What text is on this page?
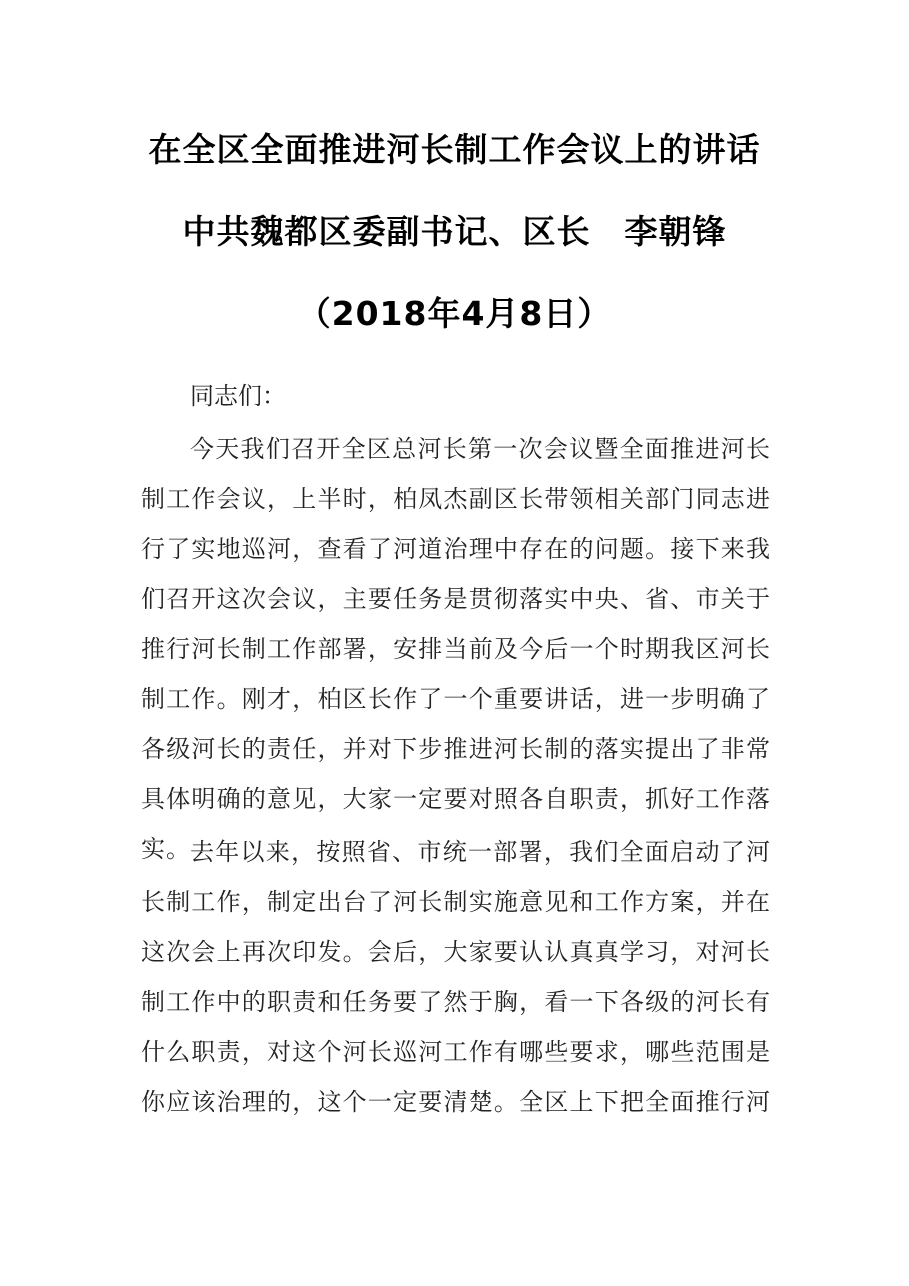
在全区全面推进河长制工作会议上的讲话
中共魏都区委副书记、区长　李朝锋
（2018年4月8日）
同志们：
今天我们召开全区总河长第一次会议暨全面推进河长
制工作会议，上半时，柏凤杰副区长带领相关部门同志进
行了实地巡河，查看了河道治理中存在的问题。接下来我
们召开这次会议，主要任务是贯彻落实中央、省、市关于
推行河长制工作部署，安排当前及今后一个时期我区河长
制工作。刚才，柏区长作了一个重要讲话，进一步明确了
各级河长的责任，并对下步推进河长制的落实提出了非常
具体明确的意见，大家一定要对照各自职责，抓好工作落
实。 去年以来，按照省、市统一部署，我们全面启动了河
长制工作，制定出台了河长制实施意见和工作方案，并在
这次会上再次印发。会后，大家要认认真真学习，对河长
制工作中的职责和任务要了然于胸，看一下各级的河长有
什么职责，对这个河长巡河工作有哪些要求，哪些范围是
你应该治理的，这个一定要清楚。全区上下把全面推行河
